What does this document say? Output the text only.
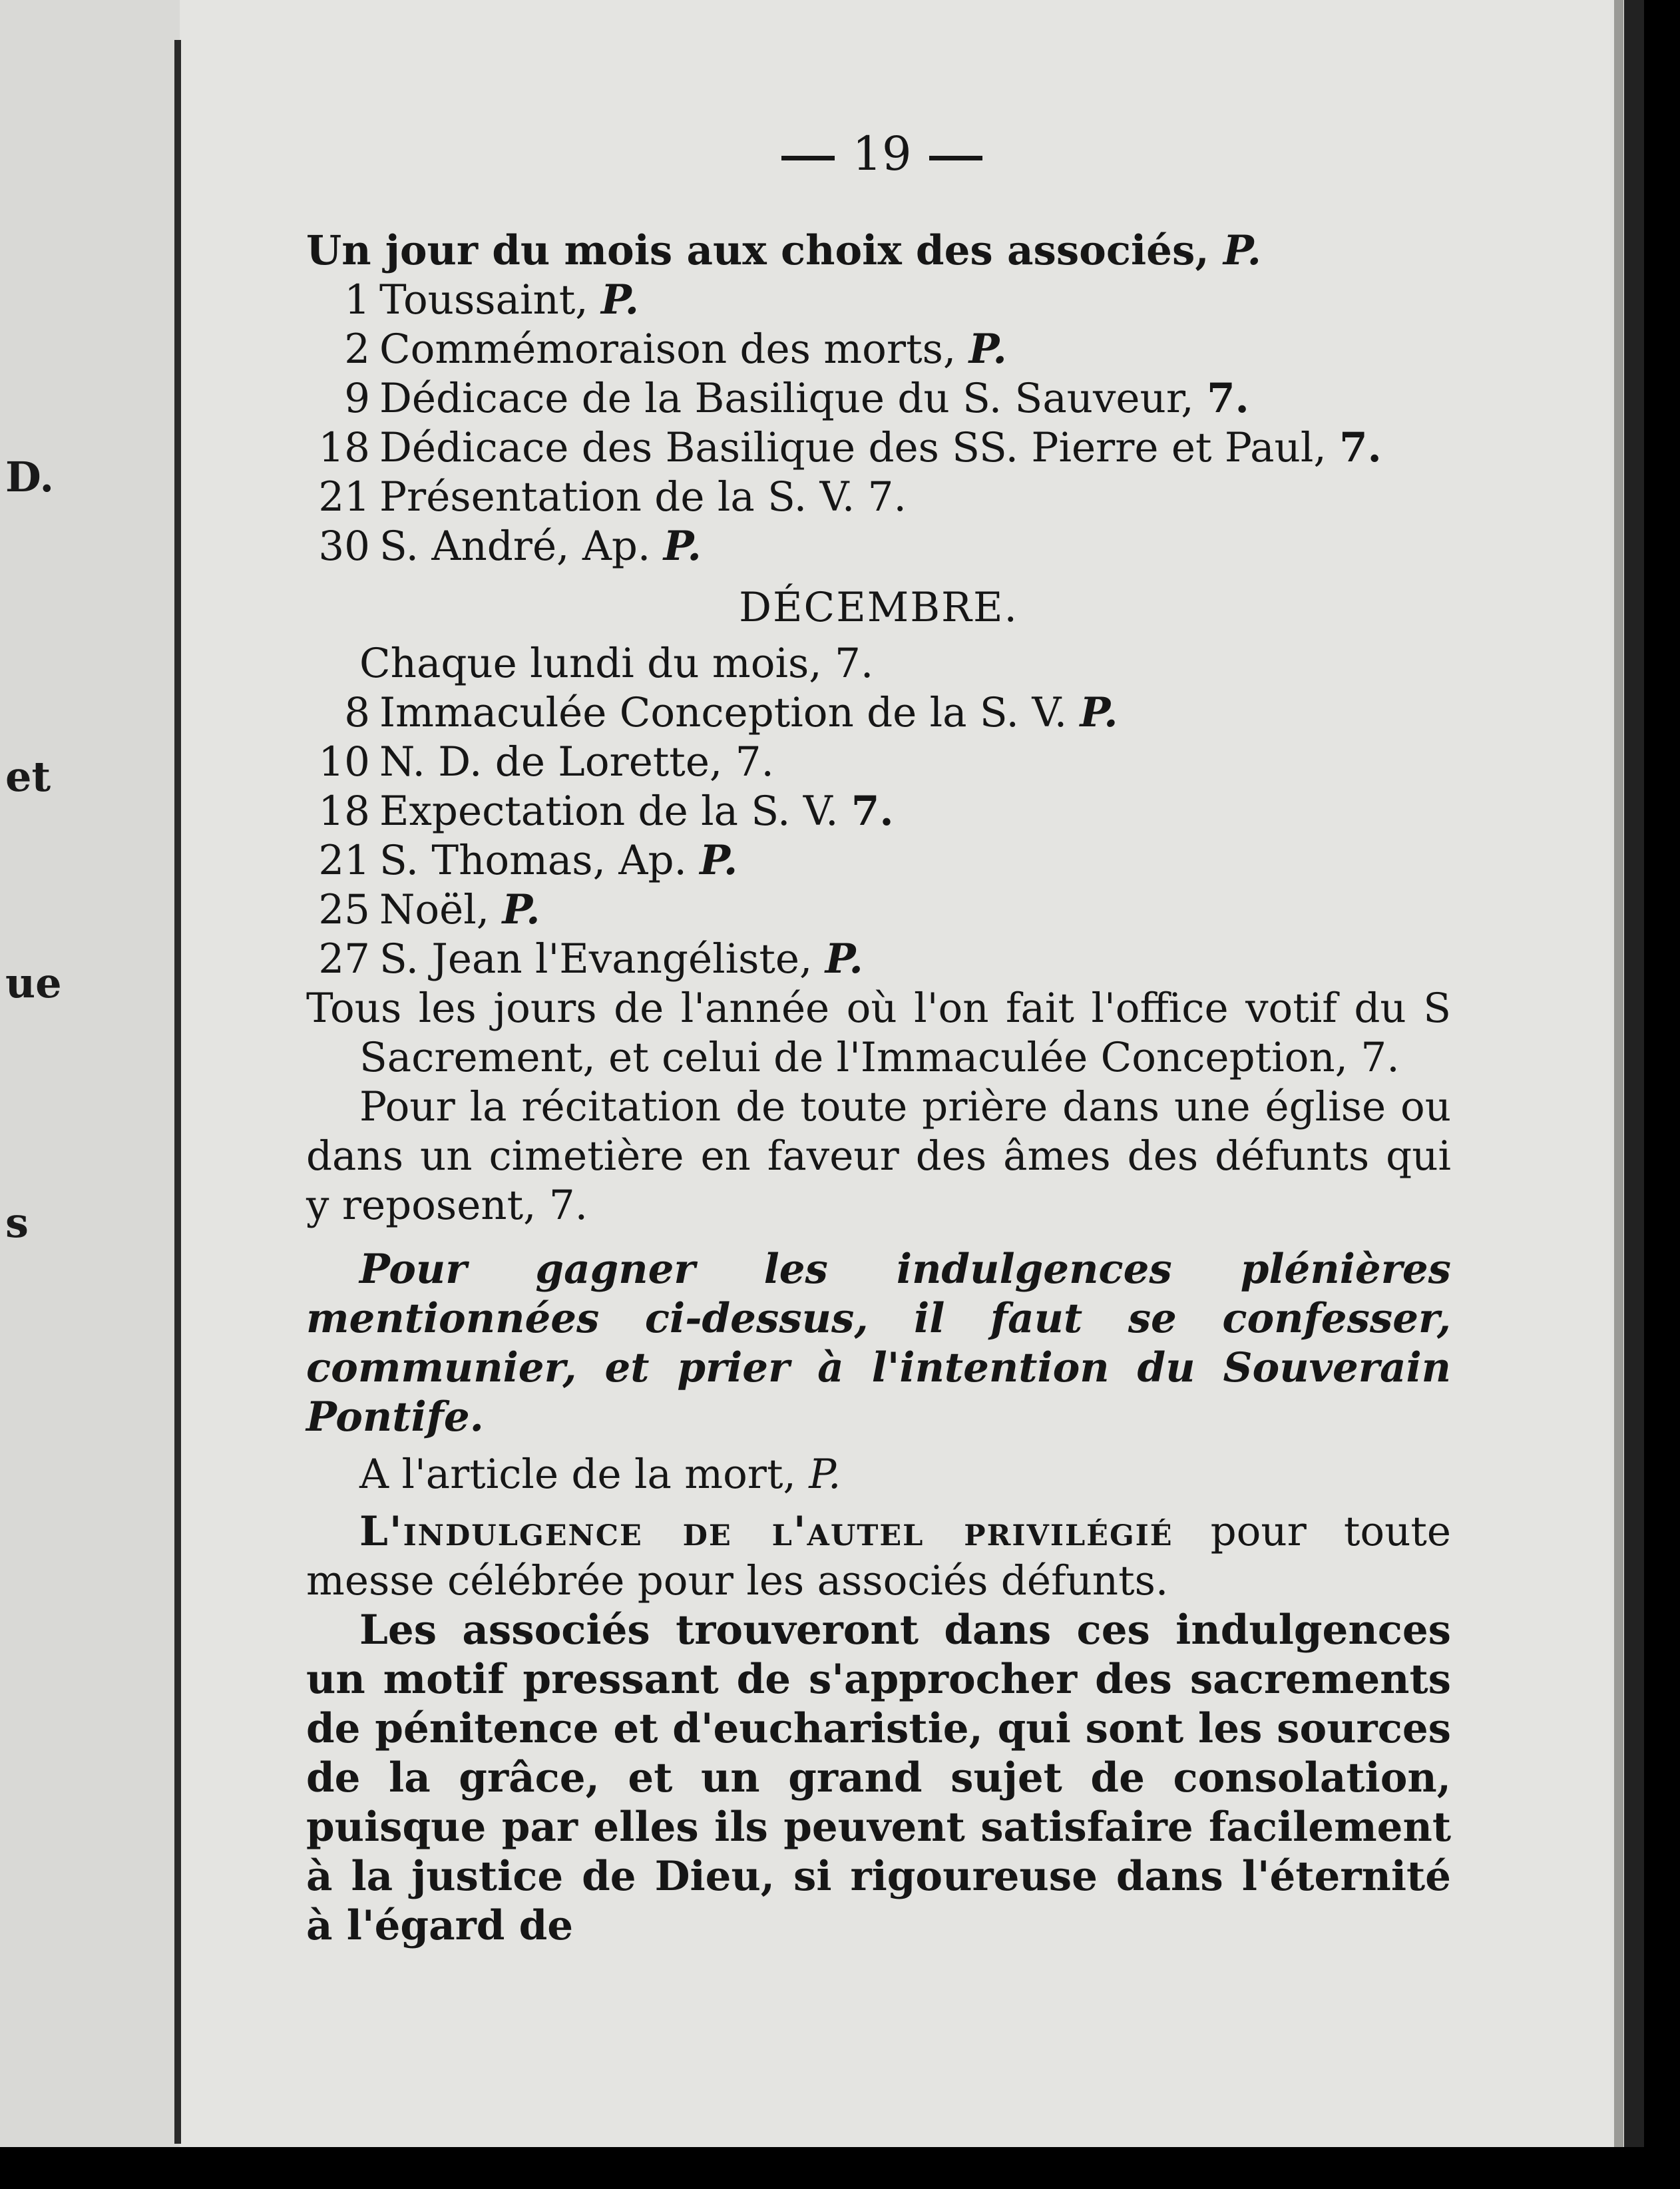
D.
et
ue
s
19
Un jour du mois aux choix des associés, P.
1 Toussaint, P.
2 Commémoraison des morts, P.
9 Dédicace de la Basilique du S. Sauveur, 7.
18 Dédicace des Basilique des SS. Pierre et Paul, 7.
21 Présentation de la S. V. 7.
30 S. André, Ap. P.
DÉCEMBRE.
Chaque lundi du mois, 7.
8 Immaculée Conception de la S. V. P.
10 N. D. de Lorette, 7.
18 Expectation de la S. V. 7.
21 S. Thomas, Ap. P.
25 Noël, P.
27 S. Jean l'Evangéliste, P.
Tous les jours de l'année où l'on fait l'office votif du S Sacrement, et celui de l'Immaculée Conception, 7.
Pour la récitation de toute prière dans une église ou dans un cimetière en faveur des âmes des défunts qui y reposent, 7.
Pour gagner les indulgences plénières mentionnées ci-dessus, il faut se confesser, communier, et prier à l'intention du Souverain Pontife.
A l'article de la mort, P.
L'indulgence de l'autel privilégié pour toute messe célébrée pour les associés défunts.
Les associés trouveront dans ces indulgences un motif pressant de s'approcher des sacrements de pénitence et d'eucharistie, qui sont les sources de la grâce, et un grand sujet de consolation, puisque par elles ils peuvent satisfaire facilement à la justice de Dieu, si rigoureuse dans l'éternité à l'égard de
